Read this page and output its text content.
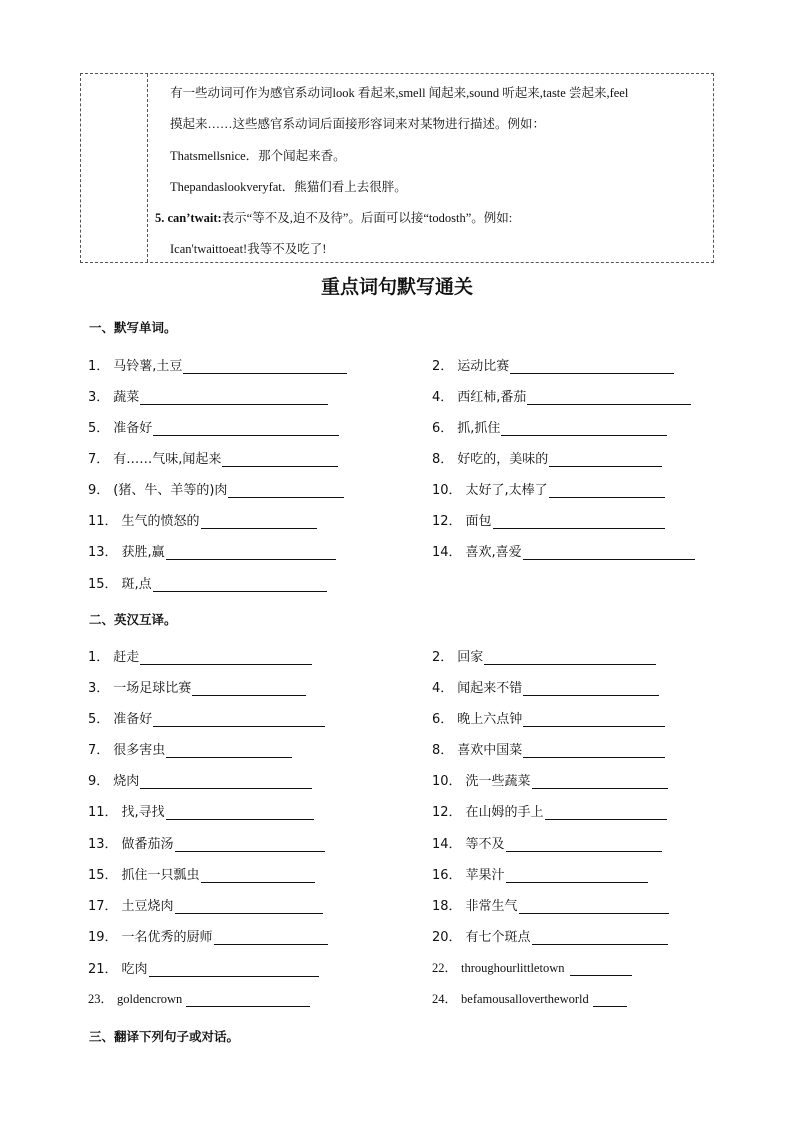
有一些动词可作为感官系动词look 看起来,smell 闻起来,sound 听起来,taste 尝起来,feel
摸起来……这些感官系动词后面接形容词来对某物进行描述。例如：
Thatsmellsnice．那个闻起来香。
Thepandaslookveryfat．熊猫们看上去很胖。
5. can’twait:表示“等不及,迫不及待”。后面可以接“todosth”。例如:
Ican'twaittoeat!我等不及吃了!
重点词句默写通关
一、默写单词。
1． 马铃薯,土豆	2． 运动比赛
3． 蔬菜	4． 西红杮,番茄
5． 准备好	6． 抓,抓住
7． 有……气味,闻起来	8． 好吃的，美味的
9． (猪、牛、羊等的)肉	10． 太好了,太棒了
11． 生气的愤怒的	12． 面包
13． 获胜,赢	14． 喜欢,喜爱
15． 斑,点
二、英汉互译。
1． 赶走	2． 回家
3． 一场足球比赛	4． 闻起来不错
5． 准备好	6． 晚上六点钟
7． 很多害虫	8． 喜欢中国菜
9． 烧肉	10． 洗一些蔬菜
11． 找,寻找	12． 在山姆的手上
13． 做番茄汤	14． 等不及
15． 抓住一只瓢虫	16． 苹果汁
17． 土豆烧肉	18． 非常生气
19． 一名优秀的厨师	20． 有七个斑点
21． 吃肉	22． throughourlittletown
23． goldencrown	24． befamousallovertheworld
三、翻译下列句子或对话。
